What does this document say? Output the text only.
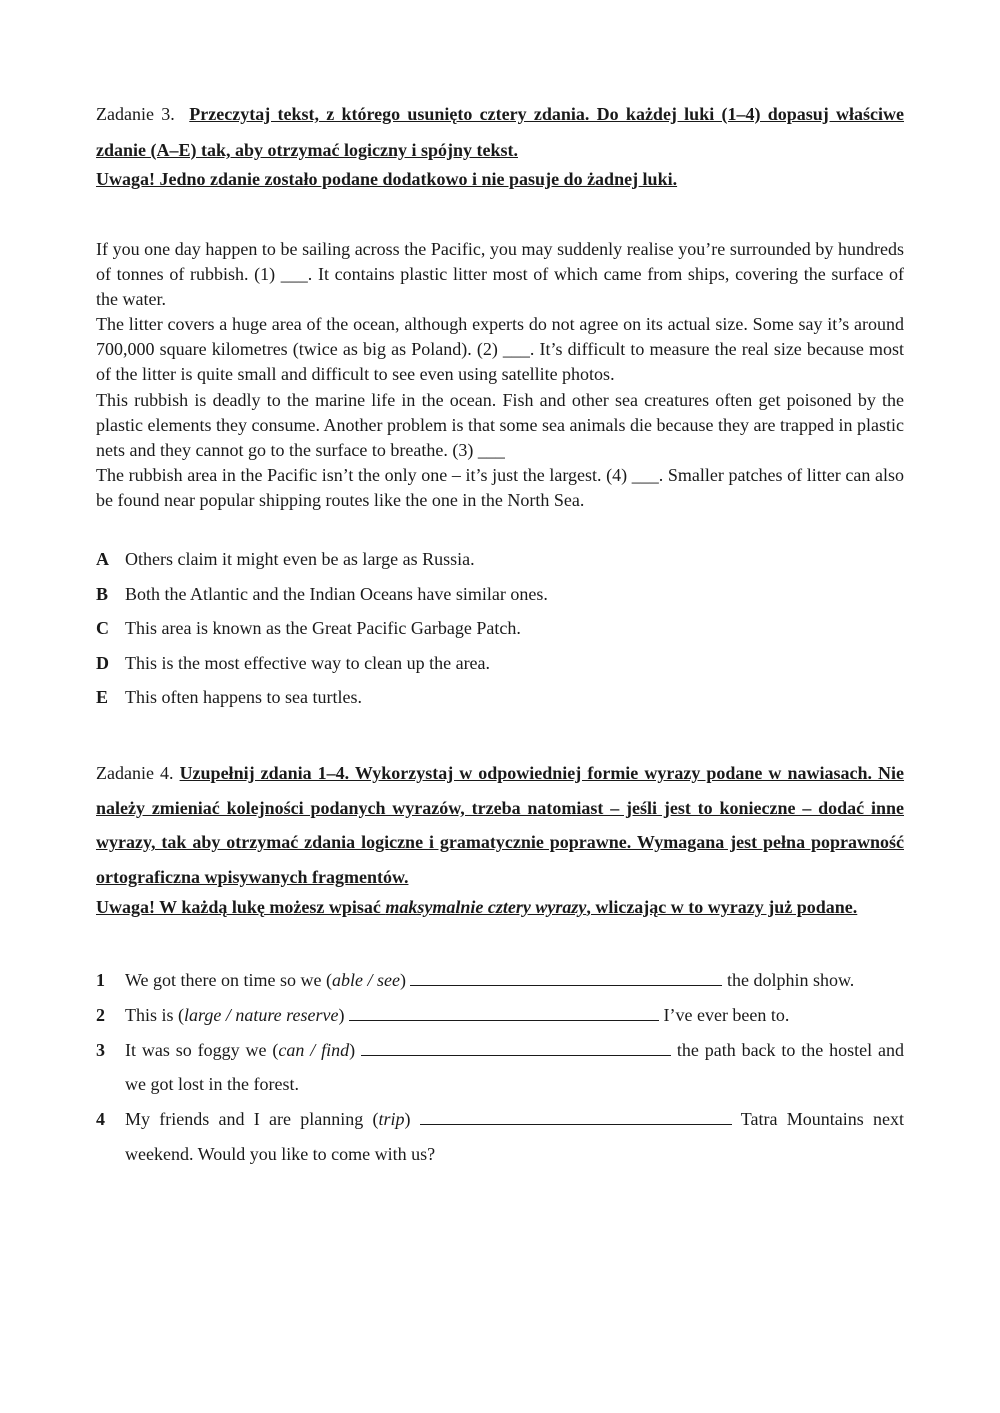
Zadanie 3. Przeczytaj tekst, z którego usunięto cztery zdania. Do każdej luki (1–4) dopasuj właściwe zdanie (A–E) tak, aby otrzymać logiczny i spójny tekst.
Uwaga! Jedno zdanie zostało podane dodatkowo i nie pasuje do żadnej luki.

If you one day happen to be sailing across the Pacific, you may suddenly realise you’re surrounded by hundreds of tonnes of rubbish. (1) ___. It contains plastic litter most of which came from ships, covering the surface of the water.

The litter covers a huge area of the ocean, although experts do not agree on its actual size. Some say it’s around 700,000 square kilometres (twice as big as Poland). (2) ___. It’s difficult to measure the real size because most of the litter is quite small and difficult to see even using satellite photos.

This rubbish is deadly to the marine life in the ocean. Fish and other sea creatures often get poisoned by the plastic elements they consume. Another problem is that some sea animals die because they are trapped in plastic nets and they cannot go to the surface to breathe. (3) ___

The rubbish area in the Pacific isn’t the only one – it’s just the largest. (4) ___. Smaller patches of litter can also be found near popular shipping routes like the one in the North Sea.

A Others claim it might even be as large as Russia.
B Both the Atlantic and the Indian Oceans have similar ones.
C This area is known as the Great Pacific Garbage Patch.
D This is the most effective way to clean up the area.
E This often happens to sea turtles.
Zadanie 4. Uzupełnij zdania 1–4. Wykorzystaj w odpowiedniej formie wyrazy podane w nawiasach. Nie należy zmieniać kolejności podanych wyrazów, trzeba natomiast – jeśli jest to konieczne – dodać inne wyrazy, tak aby otrzymać zdania logiczne i gramatycznie poprawne. Wymagana jest pełna poprawność ortograficzna wpisywanych fragmentów.
Uwaga! W każdą lukę możesz wpisać maksymalnie cztery wyrazy, wliczając w to wyrazy już podane.
1	We got there on time so we (able / see)	the dolphin show.
2	This is (large / nature reserve)	I’ve ever been to.
3	It was so foggy we (can / find)	the path back to the hostel and we got lost in the forest.
4	My friends and I are planning (trip)	Tatra Mountains next weekend. Would you like to come with us?
